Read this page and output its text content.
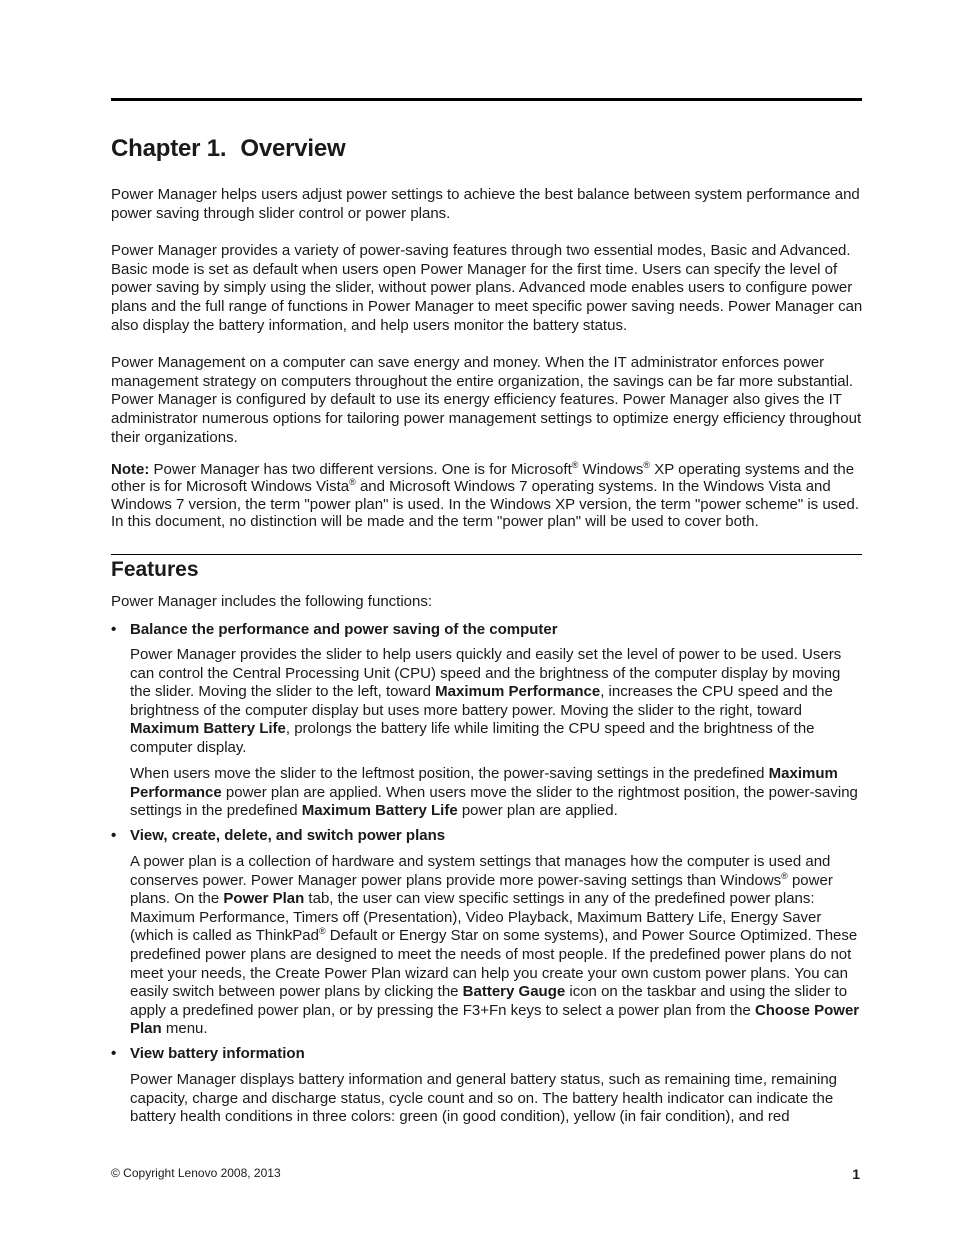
Chapter 1. Overview

Power Manager helps users adjust power settings to achieve the best balance between system performance and power saving through slider control or power plans.

Power Manager provides a variety of power-saving features through two essential modes, Basic and Advanced. Basic mode is set as default when users open Power Manager for the first time. Users can specify the level of power saving by simply using the slider, without power plans. Advanced mode enables users to configure power plans and the full range of functions in Power Manager to meet specific power saving needs. Power Manager can also display the battery information, and help users monitor the battery status.

Power Management on a computer can save energy and money. When the IT administrator enforces power management strategy on computers throughout the entire organization, the savings can be far more substantial. Power Manager is configured by default to use its energy efficiency features. Power Manager also gives the IT administrator numerous options for tailoring power management settings to optimize energy efficiency throughout their organizations.

Note: Power Manager has two different versions. One is for Microsoft® Windows® XP operating systems and the other is for Microsoft Windows Vista® and Microsoft Windows 7 operating systems. In the Windows Vista and Windows 7 version, the term "power plan" is used. In the Windows XP version, the term "power scheme" is used. In this document, no distinction will be made and the term "power plan" will be used to cover both.

Features

Power Manager includes the following functions:

• Balance the performance and power saving of the computer

Power Manager provides the slider to help users quickly and easily set the level of power to be used. Users can control the Central Processing Unit (CPU) speed and the brightness of the computer display by moving the slider. Moving the slider to the left, toward Maximum Performance, increases the CPU speed and the brightness of the computer display but uses more battery power. Moving the slider to the right, toward Maximum Battery Life, prolongs the battery life while limiting the CPU speed and the brightness of the computer display.

When users move the slider to the leftmost position, the power-saving settings in the predefined Maximum Performance power plan are applied. When users move the slider to the rightmost position, the power-saving settings in the predefined Maximum Battery Life power plan are applied.

• View, create, delete, and switch power plans

A power plan is a collection of hardware and system settings that manages how the computer is used and conserves power. Power Manager power plans provide more power-saving settings than Windows® power plans. On the Power Plan tab, the user can view specific settings in any of the predefined power plans: Maximum Performance, Timers off (Presentation), Video Playback, Maximum Battery Life, Energy Saver (which is called as ThinkPad® Default or Energy Star on some systems), and Power Source Optimized. These predefined power plans are designed to meet the needs of most people. If the predefined power plans do not meet your needs, the Create Power Plan wizard can help you create your own custom power plans. You can easily switch between power plans by clicking the Battery Gauge icon on the taskbar and using the slider to apply a predefined power plan, or by pressing the F3+Fn keys to select a power plan from the Choose Power Plan menu.

• View battery information

Power Manager displays battery information and general battery status, such as remaining time, remaining capacity, charge and discharge status, cycle count and so on. The battery health indicator can indicate the battery health conditions in three colors: green (in good condition), yellow (in fair condition), and red

© Copyright Lenovo 2008, 2013	1
